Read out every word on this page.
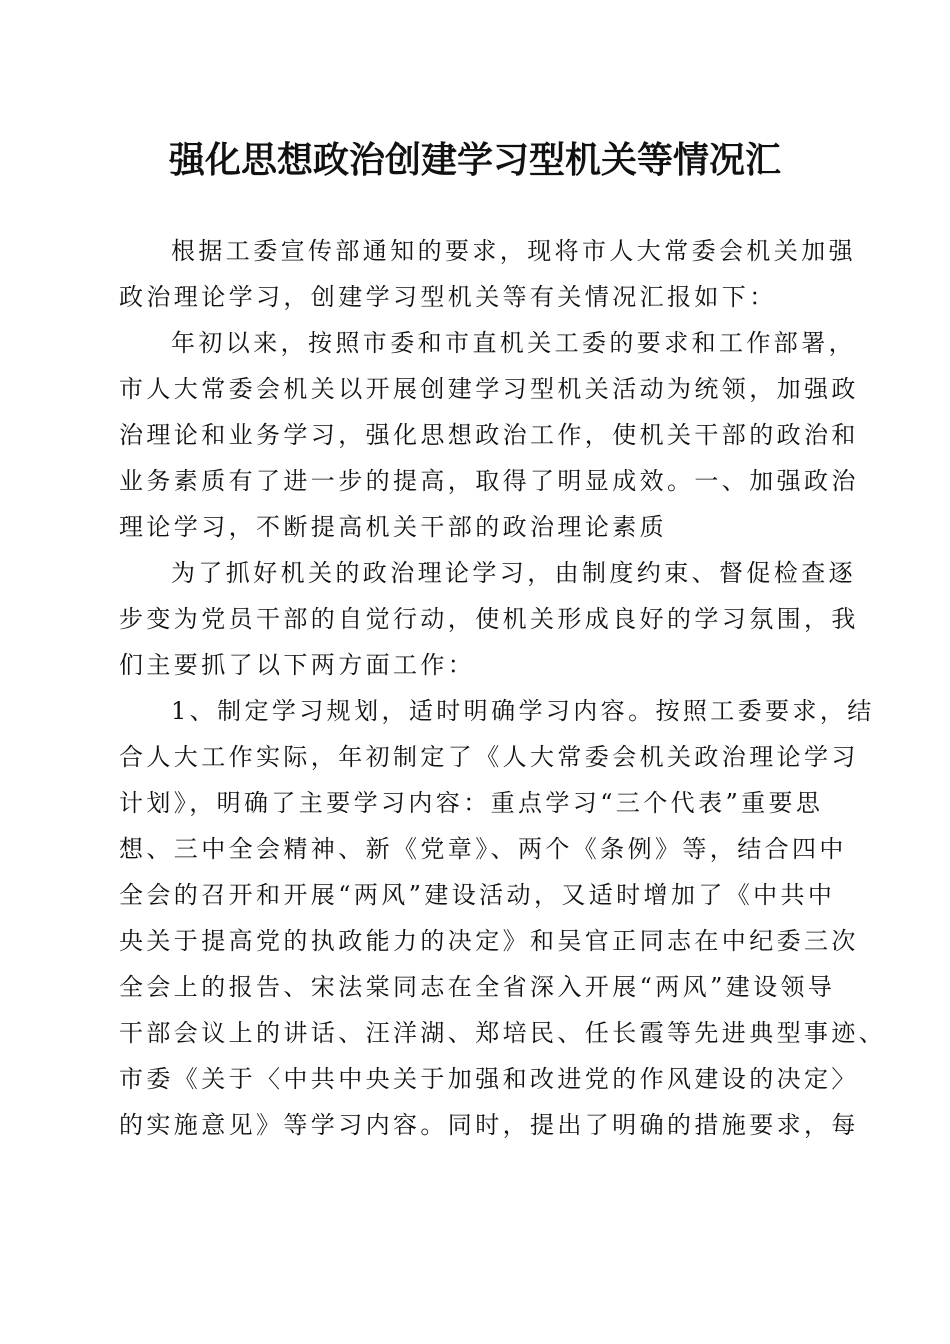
强化思想政治创建学习型机关等情况汇
根据工委宣传部通知的要求，现将市人大常委会机关加强
政治理论学习，创建学习型机关等有关情况汇报如下：
年初以来，按照市委和市直机关工委的要求和工作部署，
市人大常委会机关以开展创建学习型机关活动为统领，加强政
治理论和业务学习，强化思想政治工作，使机关干部的政治和
业务素质有了进一步的提高，取得了明显成效。一、加强政治
理论学习，不断提高机关干部的政治理论素质
为了抓好机关的政治理论学习，由制度约束、督促检查逐
步变为党员干部的自觉行动，使机关形成良好的学习氛围，我
们主要抓了以下两方面工作：
1、制定学习规划，适时明确学习内容。按照工委要求，结
合人大工作实际，年初制定了《人大常委会机关政治理论学习
计划》，明确了主要学习内容：重点学习“三个代表”重要思
想、三中全会精神、新《党章》、两个《条例》等，结合四中
全会的召开和开展“两风”建设活动，又适时增加了《中共中
央关于提高党的执政能力的决定》和吴官正同志在中纪委三次
全会上的报告、宋法棠同志在全省深入开展“两风”建设领导
干部会议上的讲话、汪洋湖、郑培民、任长霞等先进典型事迹、
市委《关于〈中共中央关于加强和改进党的作风建设的决定〉
的实施意见》等学习内容。同时，提出了明确的措施要求，每
